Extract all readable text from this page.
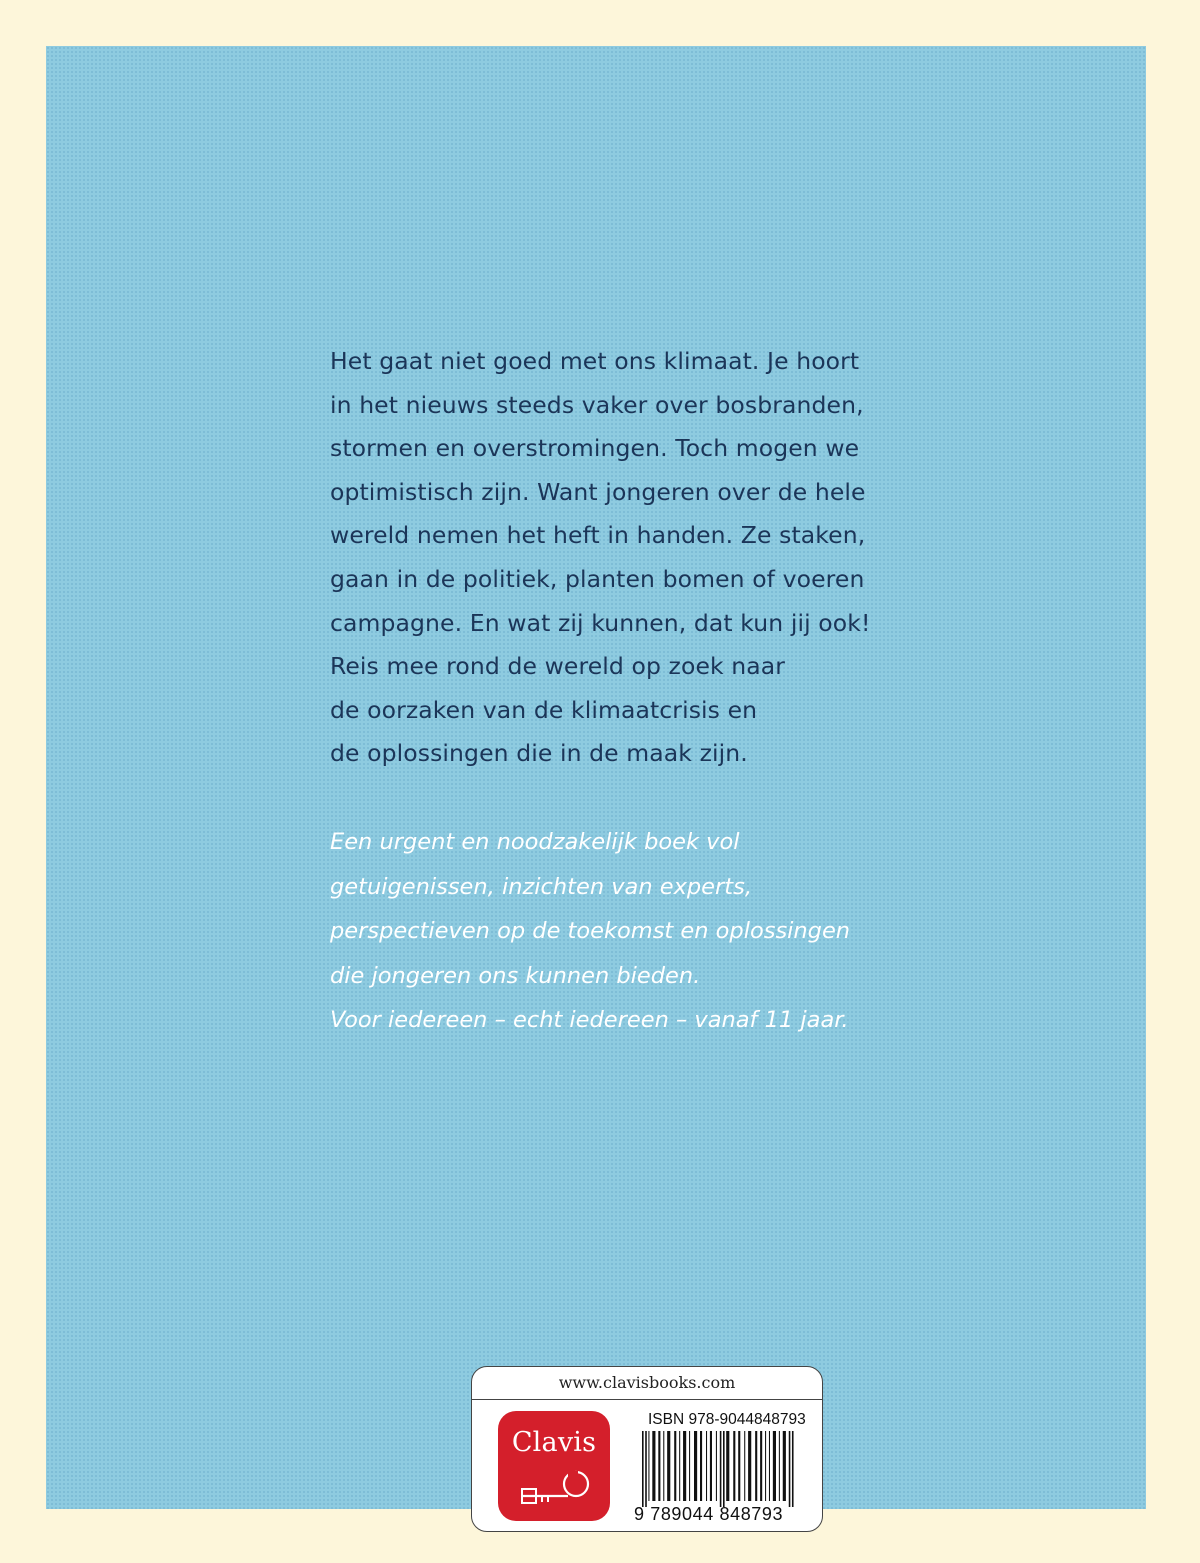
Het gaat niet goed met ons klimaat. Je hoort
in het nieuws steeds vaker over bosbranden,
stormen en overstromingen. Toch mogen we
optimistisch zijn. Want jongeren over de hele
wereld nemen het heft in handen. Ze staken,
gaan in de politiek, planten bomen of voeren
campagne. En wat zij kunnen, dat kun jij ook!
Reis mee rond de wereld op zoek naar
de oorzaken van de klimaatcrisis en
de oplossingen die in de maak zijn.
Een urgent en noodzakelijk boek vol
getuigenissen, inzichten van experts,
perspectieven op de toekomst en oplossingen
die jongeren ons kunnen bieden.
Voor iedereen – echt iedereen – vanaf 11 jaar.
www.clavisbooks.com
Clavis
ISBN 978-9044848793
9 789044 848793
